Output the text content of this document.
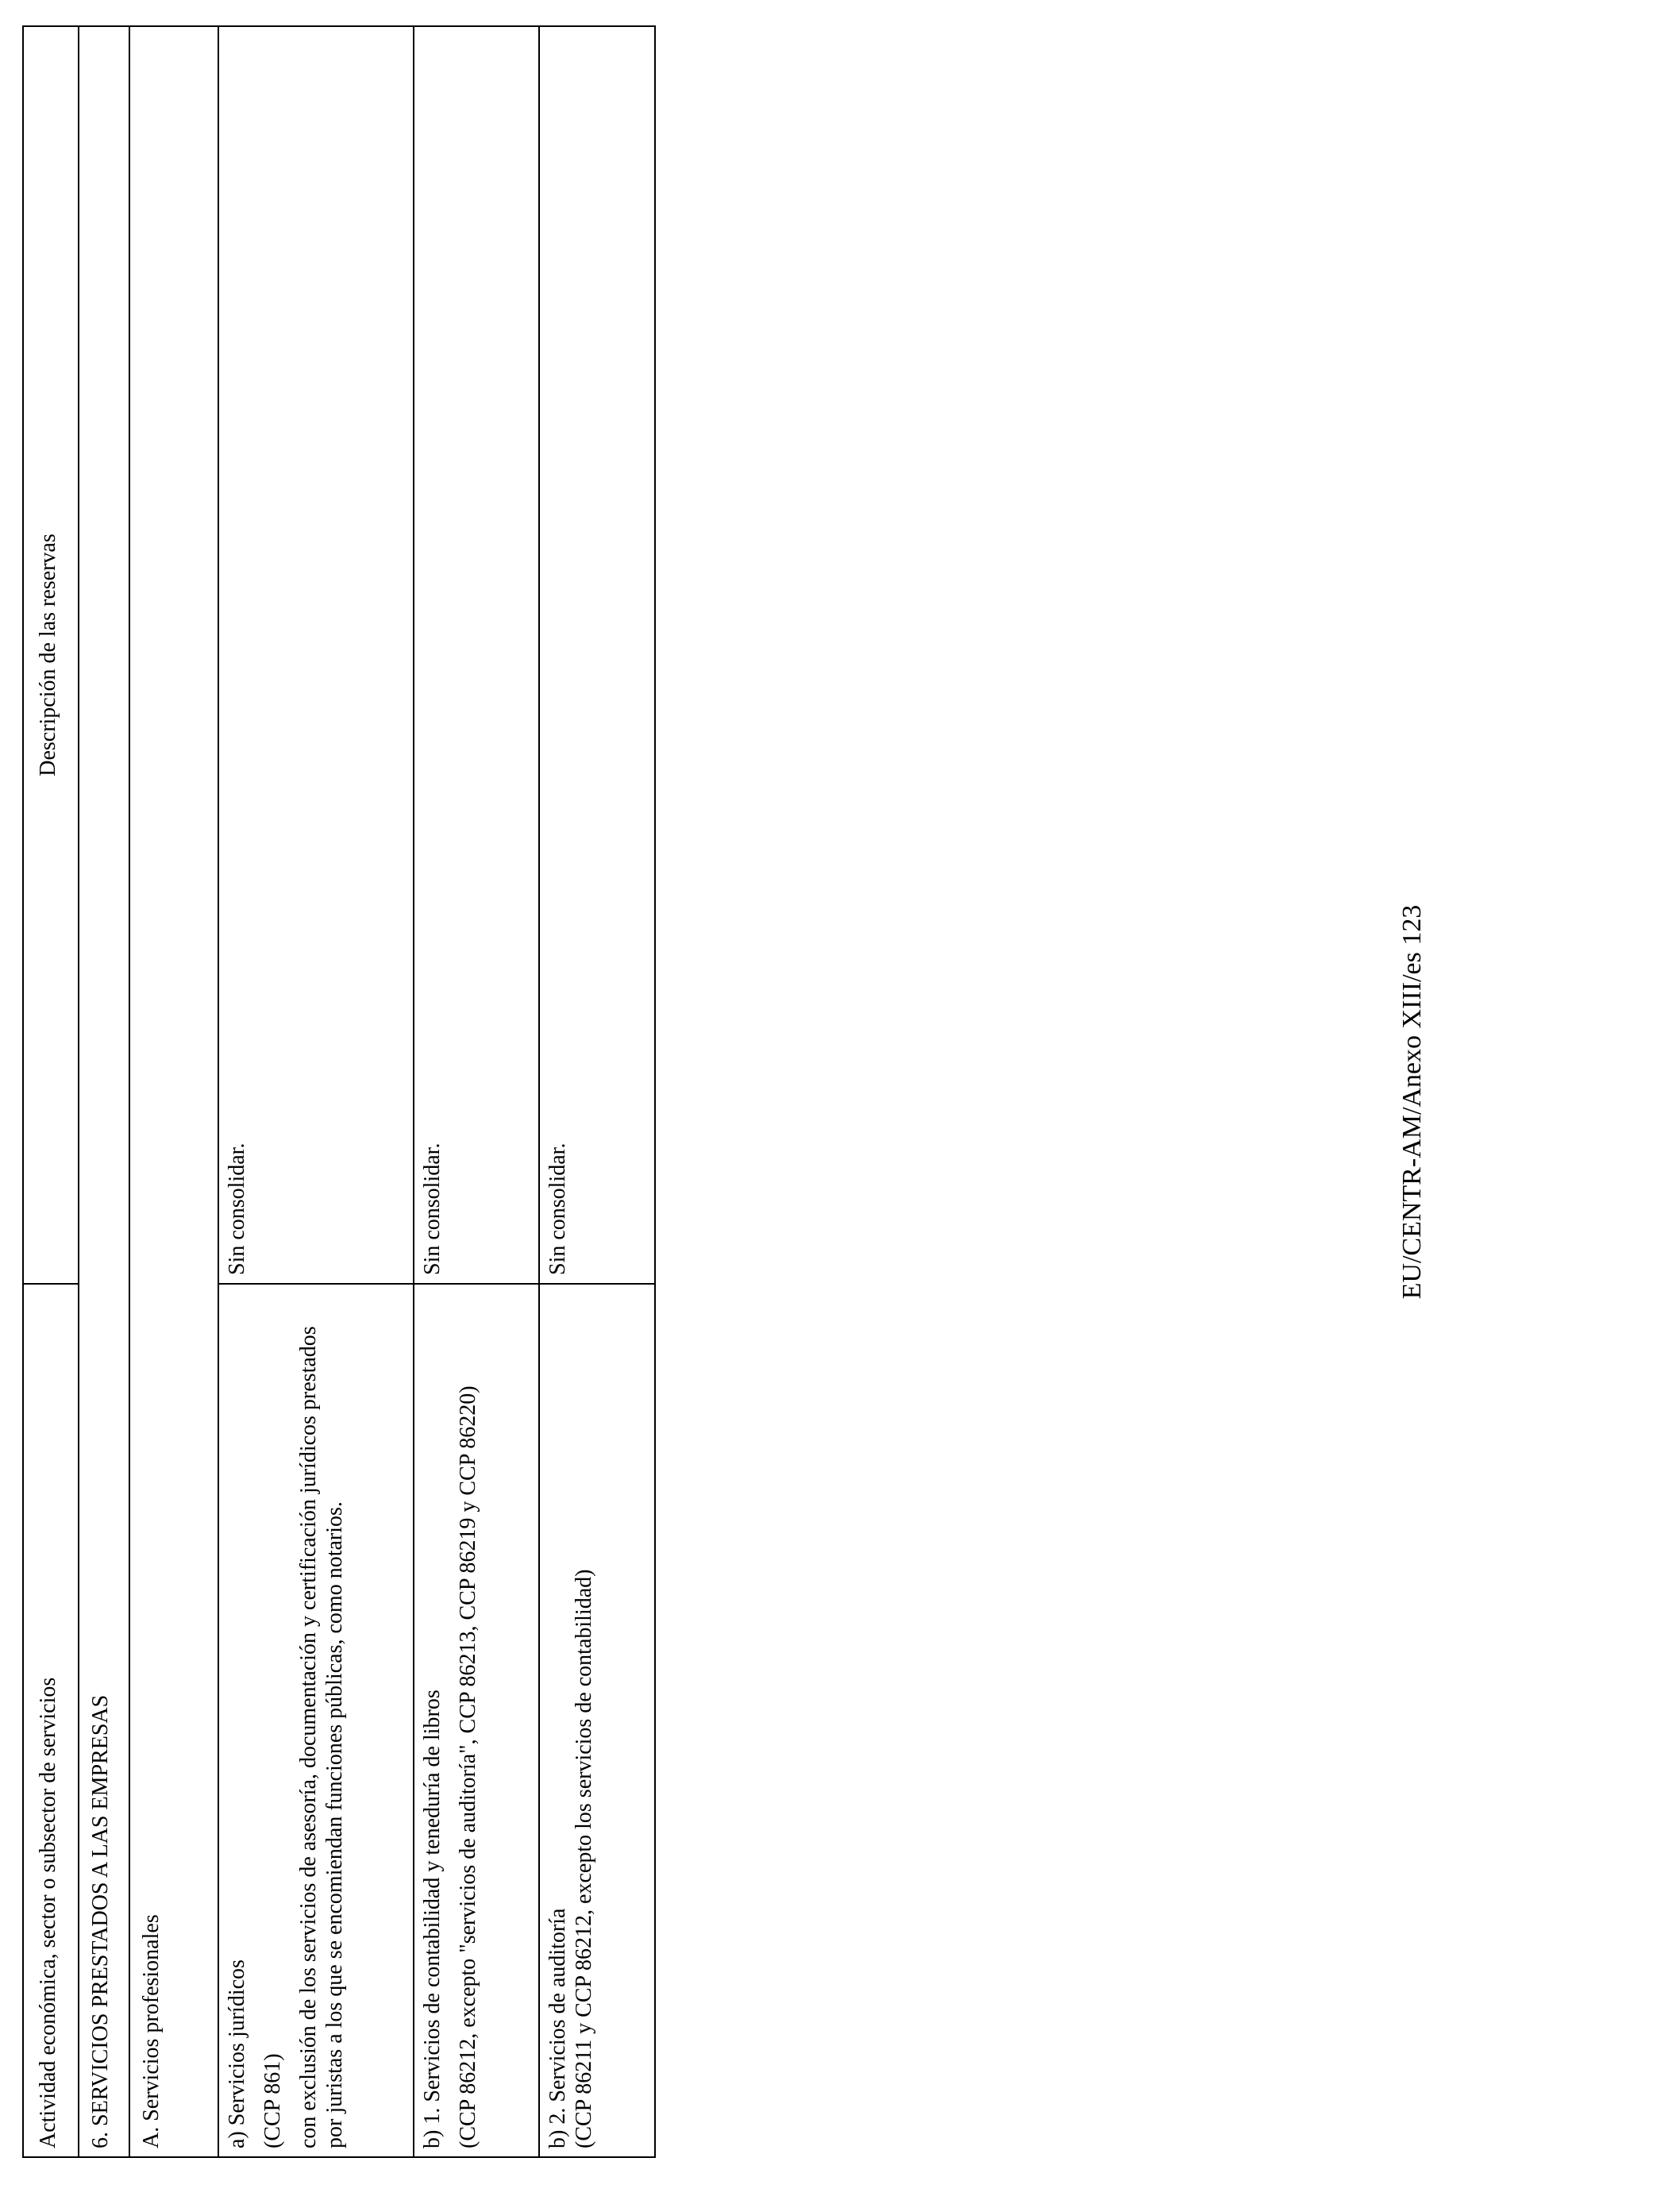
Actividad económica, sector o subsector de servicios	Descripción de las reservas
6. SERVICIOS PRESTADOS A LAS EMPRESAS	
A. Servicios profesionales	

a) Servicios jurídicos (CCP 861) con exclusión de los servicios de asesoría, documentación y certificación jurídicos prestados por juristas a los que se encomiendan funciones públicas, como notarios.	Sin consolidar.

b) 1. Servicios de contabilidad y teneduría de libros (CCP 86212, excepto "servicios de auditoría", CCP 86213, CCP 86219 y CCP 86220)	Sin consolidar.

b) 2. Servicios de auditoría (CCP 86211 y CCP 86212, excepto los servicios de contabilidad)	Sin consolidar.	EU/CENTR-AM/Anexo XIII/es 123
